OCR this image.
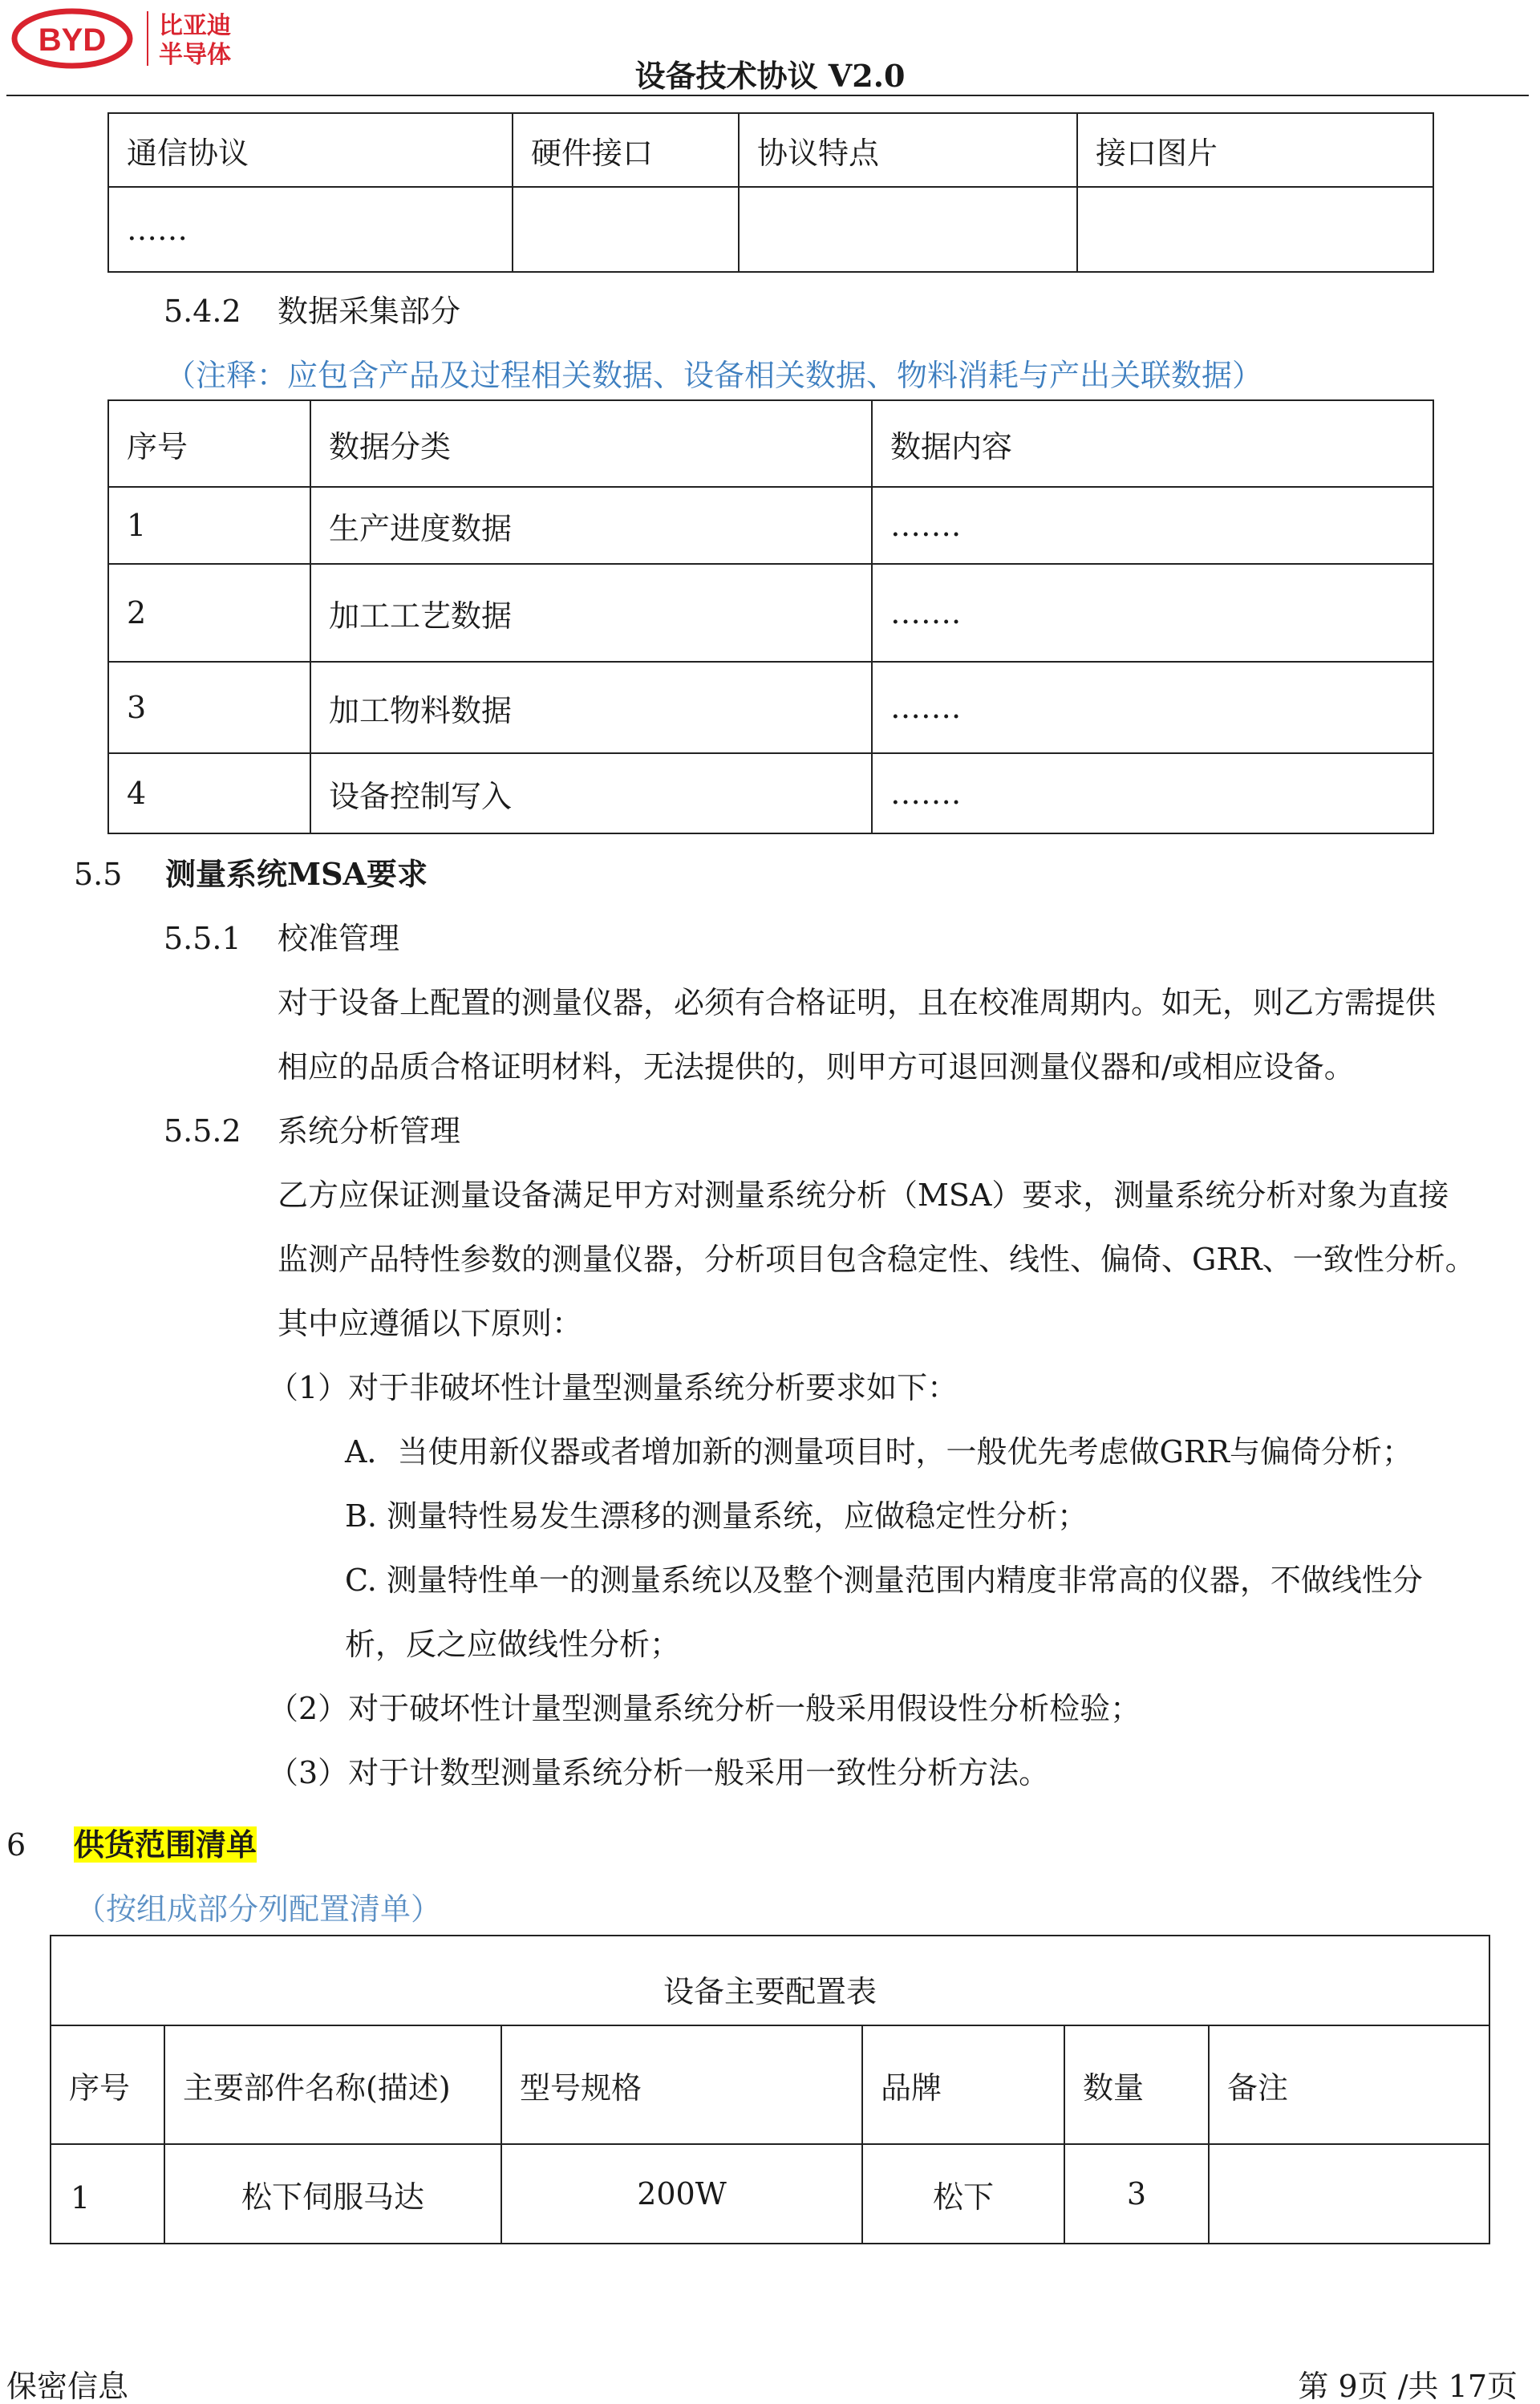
BYD 比亚迪
半导体
设备技术协议 V2.0
通信协议	硬件接口	协议特点	接口图片
……			
5.4.2 数据采集部分
（注释：应包含产品及过程相关数据、设备相关数据、物料消耗与产出关联数据）
序号	数据分类	数据内容
1	生产进度数据	…….
2	加工工艺数据	…….
3	加工物料数据	…….
4	设备控制写入	…….
5.5 测量系统MSA要求
5.5.1 校准管理
对于设备上配置的测量仪器，必须有合格证明，且在校准周期内。如无，则乙方需提供
相应的品质合格证明材料，无法提供的，则甲方可退回测量仪器和/或相应设备。
5.5.2 系统分析管理
乙方应保证测量设备满足甲方对测量系统分析（MSA）要求，测量系统分析对象为直接
监测产品特性参数的测量仪器，分析项目包含稳定性、线性、偏倚、GRR、一致性分析。
其中应遵循以下原则：
（1）对于非破坏性计量型测量系统分析要求如下：
A．当使用新仪器或者增加新的测量项目时，一般优先考虑做GRR与偏倚分析；
B. 测量特性易发生漂移的测量系统，应做稳定性分析；
C. 测量特性单一的测量系统以及整个测量范围内精度非常高的仪器，不做线性分
析，反之应做线性分析；
（2）对于破坏性计量型测量系统分析一般采用假设性分析检验；
（3）对于计数型测量系统分析一般采用一致性分析方法。
6 供货范围清单
（按组成部分列配置清单）
设备主要配置表					
序号	主要部件名称(描述)	型号规格	品牌	数量	备注
1	松下伺服马达	200W	松下	3	
保密信息	第 9页 /共 17页
